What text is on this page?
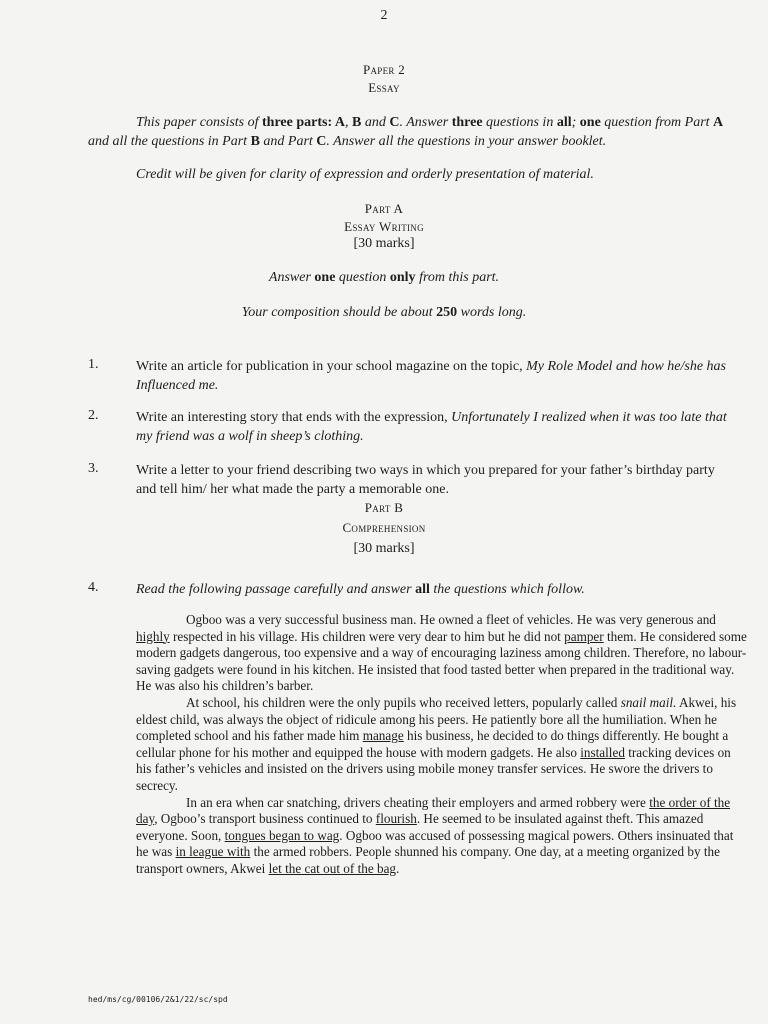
2
Paper 2
Essay
This paper consists of three parts: A, B and C. Answer three questions in all; one question from Part A and all the questions in Part B and Part C. Answer all the questions in your answer booklet.
Credit will be given for clarity of expression and orderly presentation of material.
Part A
Essay Writing
[30 marks]
Answer one question only from this part.
Your composition should be about 250 words long.
1.	Write an article for publication in your school magazine on the topic, My Role Model and how he/she has Influenced me.
2.	Write an interesting story that ends with the expression, Unfortunately I realized when it was too late that my friend was a wolf in sheep’s clothing.
3.	Write a letter to your friend describing two ways in which you prepared for your father’s birthday party and tell him/ her what made the party a memorable one.
Part B
Comprehension
[30 marks]
4.	Read the following passage carefully and answer all the questions which follow.

Ogboo was a very successful business man. He owned a fleet of vehicles. He was very generous and highly respected in his village. His children were very dear to him but he did not pamper them. He considered some modern gadgets dangerous, too expensive and a way of encouraging laziness among children. Therefore, no labour-saving gadgets were found in his kitchen. He insisted that food tasted better when prepared in the traditional way. He was also his children’s barber.

At school, his children were the only pupils who received letters, popularly called snail mail. Akwei, his eldest child, was always the object of ridicule among his peers. He patiently bore all the humiliation. When he completed school and his father made him manage his business, he decided to do things differently. He bought a cellular phone for his mother and equipped the house with modern gadgets. He also installed tracking devices on his father’s vehicles and insisted on the drivers using mobile money transfer services. He swore the drivers to secrecy.

In an era when car snatching, drivers cheating their employers and armed robbery were the order of the day, Ogboo’s transport business continued to flourish. He seemed to be insulated against theft. This amazed everyone. Soon, tongues began to wag. Ogboo was accused of possessing magical powers. Others insinuated that he was in league with the armed robbers. People shunned his company. One day, at a meeting organized by the transport owners, Akwei let the cat out of the bag.

hed/ms/cg/00106/2&1/22/sc/spd
